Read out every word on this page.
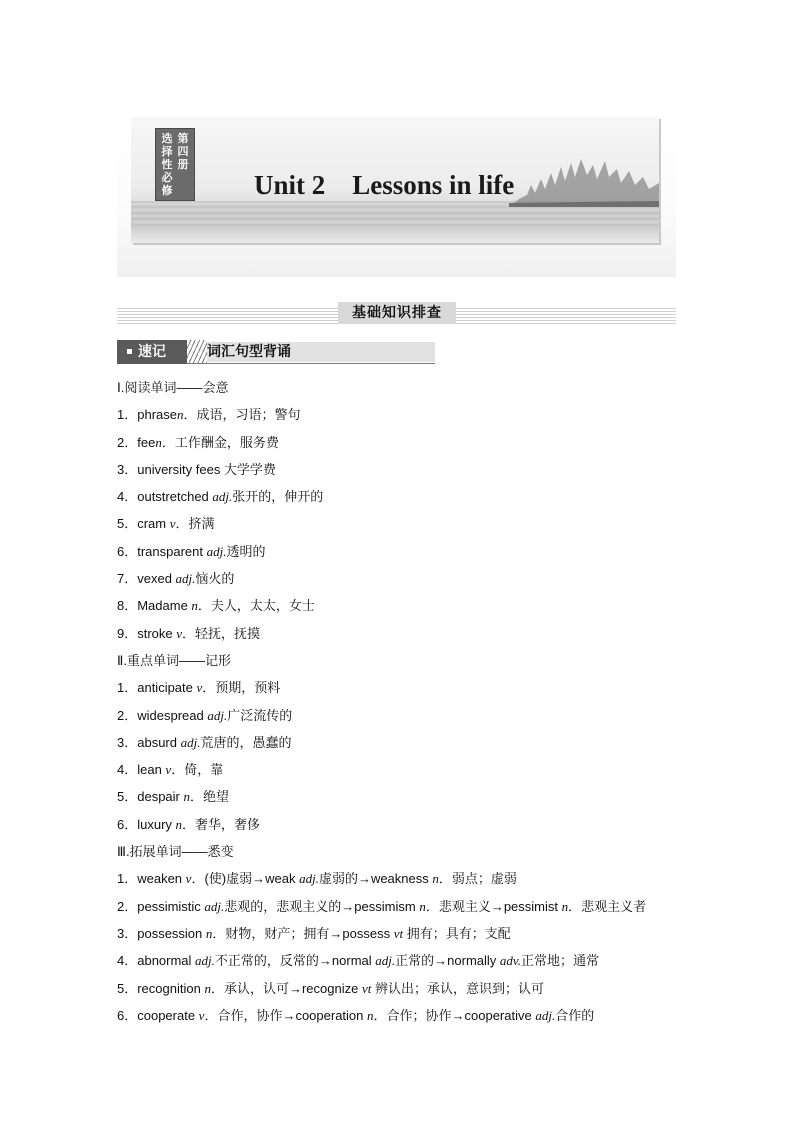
第
四
册
选
择
性
必
修	Unit 2    Lessons in life
基础知识排查
速记	词汇句型背诵
Ⅰ.阅读单词——会意
1．phrasen．成语，习语；警句
2．feen．工作酬金，服务费
3．university fees 大学学费
4．outstretched adj.张开的，伸开的
5．cram v．挤满
6．transparent adj.透明的
7．vexed adj.恼火的
8．Madame n．夫人，太太，女士
9．stroke v．轻抚，抚摸
Ⅱ.重点单词——记形
1．anticipate v．预期，预料
2．widespread adj.广泛流传的
3．absurd adj.荒唐的，愚蠢的
4．lean v．倚，靠
5．despair n．绝望
6．luxury n．奢华，奢侈
Ⅲ.拓展单词——悉变
1．weaken v．(使)虚弱→weak adj.虚弱的→weakness n．弱点；虚弱
2．pessimistic adj.悲观的，悲观主义的→pessimism n．悲观主义→pessimist n．悲观主义者
3．possession n．财物，财产；拥有→possess vt 拥有；具有；支配
4．abnormal adj.不正常的，反常的→normal adj.正常的→normally adv.正常地；通常
5．recognition n．承认，认可→recognize vt 辨认出；承认，意识到；认可
6．cooperate v．合作，协作→cooperation n．合作；协作→cooperative adj.合作的
